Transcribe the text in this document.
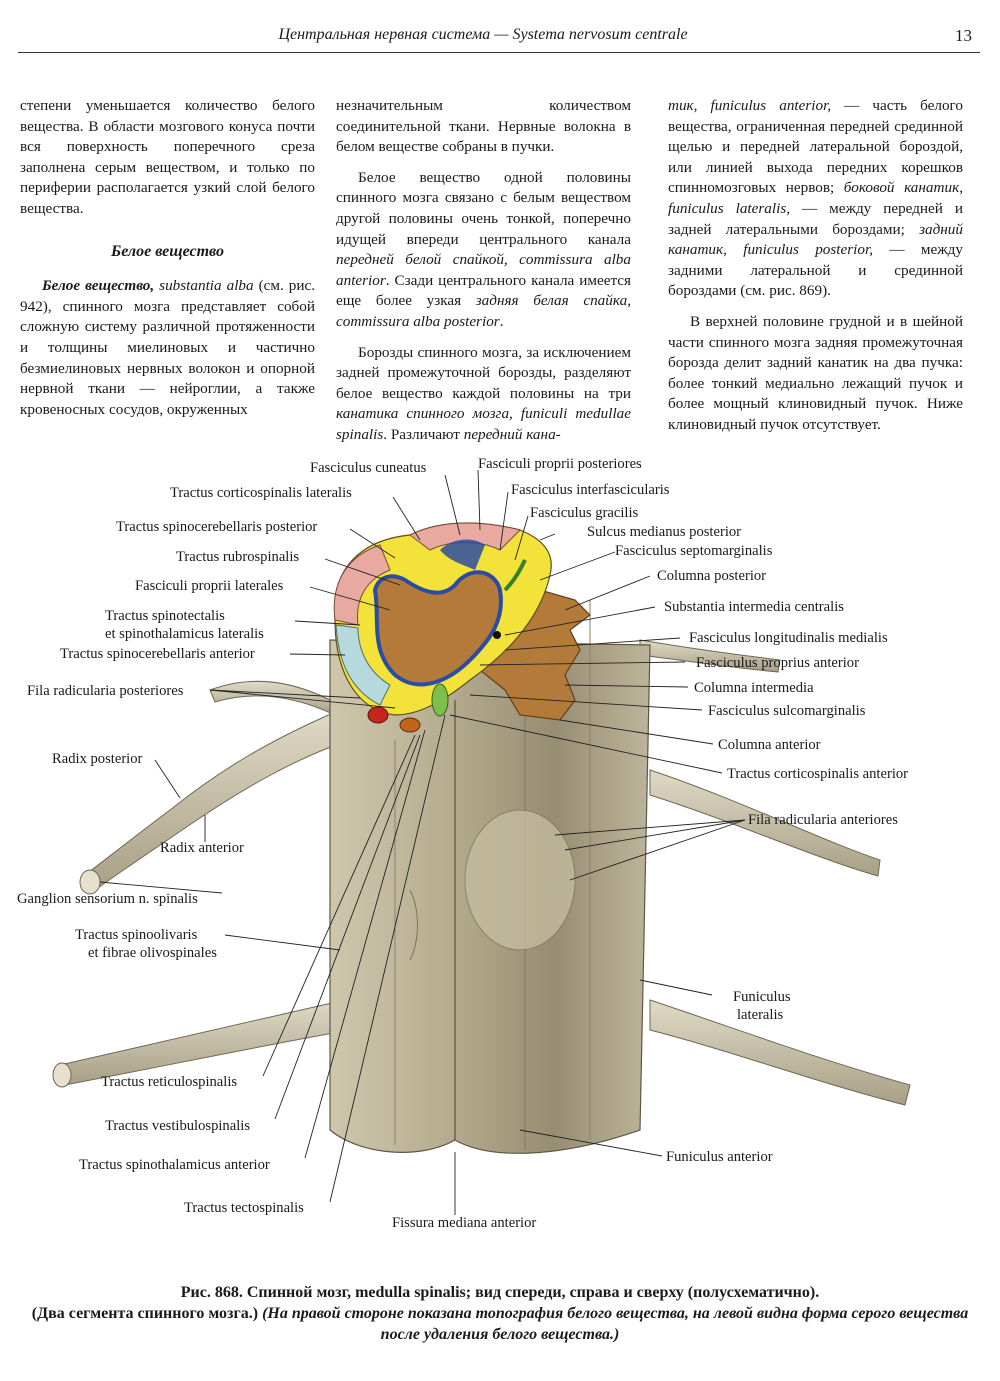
Центральная нервная система — Systema nervosum centrale	13

степени уменьшается количество белого вещества. В области мозгового конуса почти вся поверхность поперечного среза заполнена серым веществом, и только по периферии располагается узкий слой белого вещества.

Белое вещество

Белое вещество, substantia alba (см. рис. 942), спинного мозга представляет собой сложную систему различной протяженности и толщины миелиновых и частично безмиелиновых нервных волокон и опорной нервной ткани — нейроглии, а также кровеносных сосудов, окруженных

незначительным количеством соединительной ткани. Нервные волокна в белом веществе собраны в пучки.

Белое вещество одной половины спинного мозга связано с белым веществом другой половины очень тонкой, поперечно идущей впереди центрального канала передней белой спайкой, commissura alba anterior. Сзади центрального канала имеется еще более узкая задняя белая спайка, commissura alba posterior.

Борозды спинного мозга, за исключением задней промежуточной борозды, разделяют белое вещество каждой половины на три канатика спинного мозга, funiculi medullae spinalis. Различают передний кана-

тик, funiculus anterior, — часть белого вещества, ограниченная передней срединной щелью и передней латеральной бороздой, или линией выхода передних корешков спинномозговых нервов; боковой канатик, funiculus lateralis, — между передней и задней латеральными бороздами; задний канатик, funiculus posterior, — между задними латеральной и срединной бороздами (см. рис. 869).

В верхней половине грудной и в шейной части спинного мозга задняя промежуточная борозда делит задний канатик на два пучка: более тонкий медиально лежащий пучок и более мощный клиновидный пучок. Ниже клиновидный пучок отсутствует.

Fasciculus cuneatus	Fasciculi proprii posteriores
Tractus corticospinalis lateralis	Fasciculus interfascicularis
Fasciculus gracilis
Tractus spinocerebellaris posterior	Sulcus medianus posterior
Fasciculus septomarginalis
Tractus rubrospinalis
Fasciculi proprii laterales
Tractus spinotectalis
et spinothalamicus lateralis
Tractus spinocerebellaris anterior
Fila radicularia posteriores
Radix posterior
Radix anterior
Ganglion sensorium n. spinalis
Tractus spinoolivaris
et fibrae olivospinales
Tractus reticulospinalis
Tractus vestibulospinalis
Tractus spinothalamicus anterior
Tractus tectospinalis
Columna posterior
Substantia intermedia centralis
Fasciculus longitudinalis medialis
Fasciculus proprius anterior
Columna intermedia
Fasciculus sulcomarginalis
Columna anterior
Tractus corticospinalis anterior
Fila radicularia anteriores
Funiculus
lateralis
Funiculus anterior
Fissura mediana anterior
Рис. 868. Спинной мозг, medulla spinalis; вид спереди, справа и сверху (полусхематично).
(Два сегмента спинного мозга.) (На правой стороне показана топография белого вещества, на левой видна форма серого вещества после удаления белого вещества.)
